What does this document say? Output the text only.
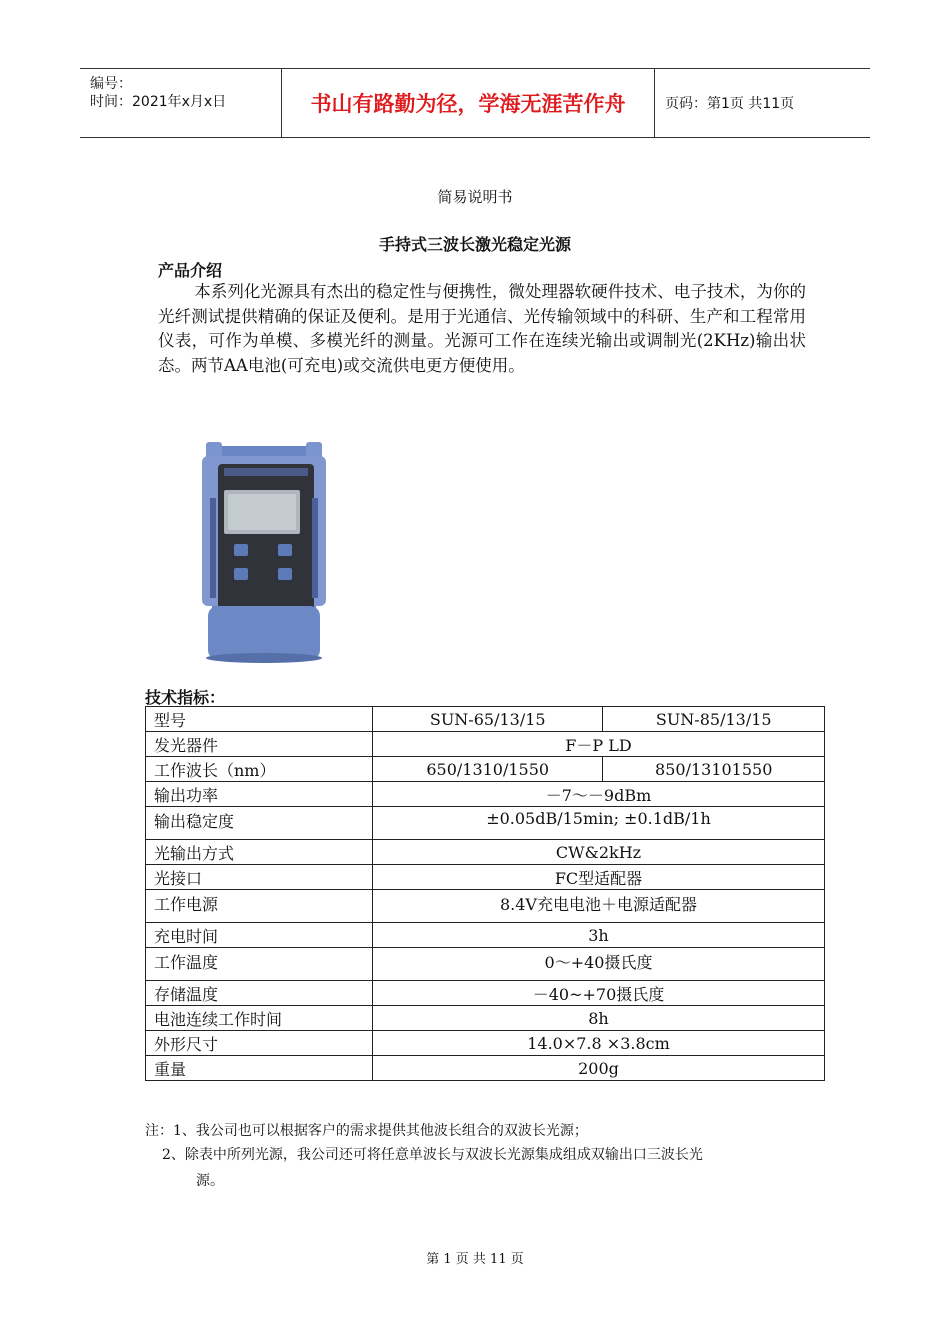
编号：
时间：2021年x月x日	书山有路勤为径，学海无涯苦作舟	页码：第1页 共11页
简易说明书
手持式三波长激光稳定光源
产品介绍
本系列化光源具有杰出的稳定性与便携性，微处理器软硬件技术、电子技术，为你的光纤测试提供精确的保证及便利。是用于光通信、光传输领域中的科研、生产和工程常用仪表，可作为单模、多模光纤的测量。光源可工作在连续光输出或调制光(2KHz)输出状态。两节AA电池(可充电)或交流供电更方便使用。
技术指标：
型号	SUN-65/13/15	SUN-85/13/15
发光器件	F－P LD	
工作波长（nm）	650/1310/1550	850/13101550
输出功率	－7～－9dBm	
输出稳定度	±0.05dB/15min; ±0.1dB/1h	
光输出方式	CW&2kHz	
光接口	FC型适配器	
工作电源	8.4V充电电池＋电源适配器	
充电时间	3h	
工作温度	0～+40摄氏度	
存储温度	－40~+70摄氏度	
电池连续工作时间	8h	
外形尺寸	14.0×7.8 ×3.8cm	
重量	200g	
注：1、我公司也可以根据客户的需求提供其他波长组合的双波长光源；
2、除表中所列光源，我公司还可将任意单波长与双波长光源集成组成双输出口三波长光
源。
第 1 页 共 11 页
